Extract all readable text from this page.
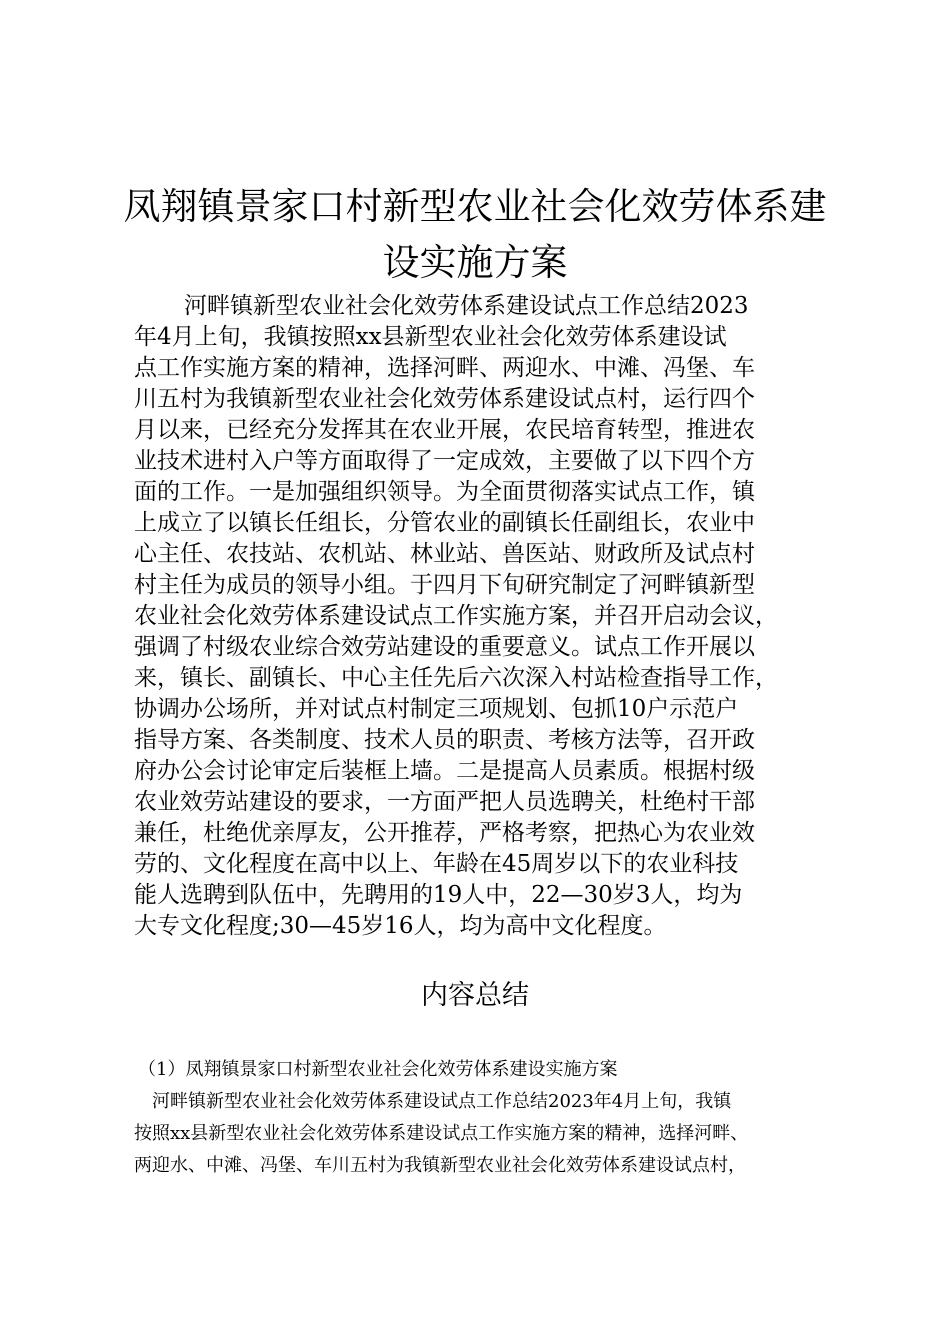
凤翔镇景家口村新型农业社会化效劳体系建
设实施方案
河畔镇新型农业社会化效劳体系建设试点工作总结2023
年4月上旬，我镇按照xx县新型农业社会化效劳体系建设试
点工作实施方案的精神，选择河畔、两迎水、中滩、冯堡、车
川五村为我镇新型农业社会化效劳体系建设试点村，运行四个
月以来，已经充分发挥其在农业开展，农民培育转型，推进农
业技术进村入户等方面取得了一定成效，主要做了以下四个方
面的工作。一是加强组织领导。为全面贯彻落实试点工作，镇
上成立了以镇长任组长，分管农业的副镇长任副组长，农业中
心主任、农技站、农机站、林业站、兽医站、财政所及试点村
村主任为成员的领导小组。于四月下旬研究制定了河畔镇新型
农业社会化效劳体系建设试点工作实施方案，并召开启动会议，
强调了村级农业综合效劳站建设的重要意义。试点工作开展以
来，镇长、副镇长、中心主任先后六次深入村站检查指导工作，
协调办公场所，并对试点村制定三项规划、包抓10户示范户
指导方案、各类制度、技术人员的职责、考核方法等，召开政
府办公会讨论审定后装框上墙。二是提高人员素质。根据村级
农业效劳站建设的要求，一方面严把人员选聘关，杜绝村干部
兼任，杜绝优亲厚友，公开推荐，严格考察，把热心为农业效
劳的、文化程度在高中以上、年龄在45周岁以下的农业科技
能人选聘到队伍中，先聘用的19人中，22—30岁3人，均为
大专文化程度;30—45岁16人，均为高中文化程度。
内容总结
（1）凤翔镇景家口村新型农业社会化效劳体系建设实施方案
　河畔镇新型农业社会化效劳体系建设试点工作总结2023年4月上旬，我镇
按照xx县新型农业社会化效劳体系建设试点工作实施方案的精神，选择河畔、
两迎水、中滩、冯堡、车川五村为我镇新型农业社会化效劳体系建设试点村，
